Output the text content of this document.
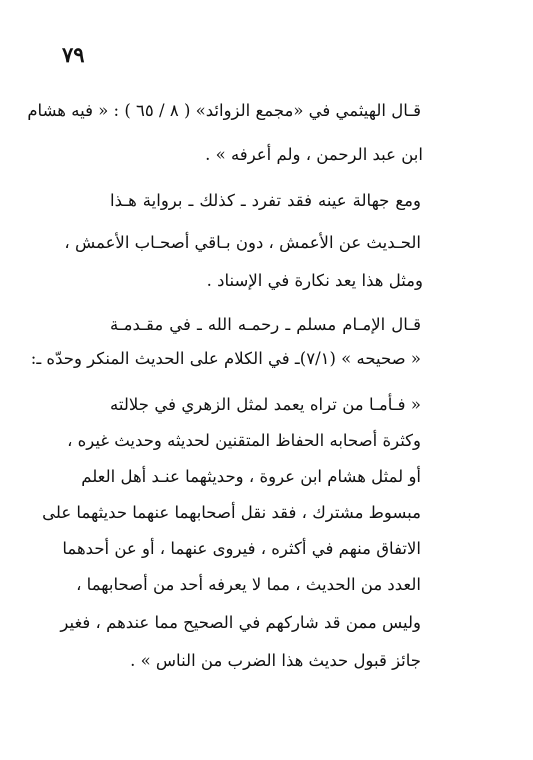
٧٩
قـال الهيثمي في «مجمع الزوائد» ( ٨ / ٦٥ ) : « فيه هشام
ابن عبد الرحمن ، ولم أعرفه » .
ومع جهالة عينه فقد تفرد ـ كذلك ـ برواية هـذا
الحـديث عن الأعمش ، دون بـاقي أصحـاب الأعمش ،
ومثل هذا يعد نكارة في الإسناد .
قـال الإمـام مسلم ـ رحمـه الله ـ في مقـدمـة
« صحيحه » (٧/١)ـ في الكلام على الحديث المنكر وحدّه ـ:
« فـأمـا من تراه يعمد لمثل الزهري في جلالته
وكثرة أصحابه الحفاظ المتقنين لحديثه وحديث غيره ،
أو لمثل هشام ابن عروة ، وحديثهما عنـد أهل العلم
مبسوط مشترك ، فقد نقل أصحابهما عنهما حديثهما على
الاتفاق منهم في أكثره ، فيروى عنهما ، أو عن أحدهما
العدد من الحديث ، مما لا يعرفه أحد من أصحابهما ،
وليس ممن قد شاركهم في الصحيح مما عندهم ، فغير
جائز قبول حديث هذا الضرب من الناس » .
